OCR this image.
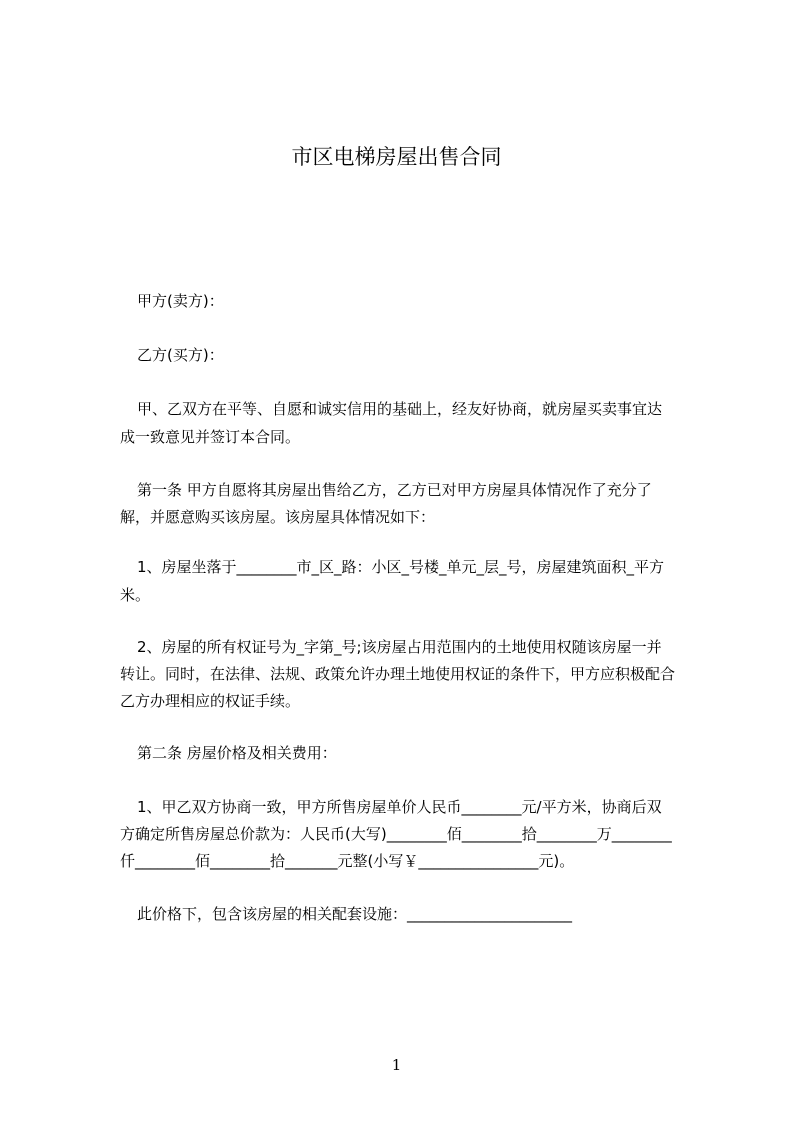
市区电梯房屋出售合同
甲方(卖方)：
乙方(买方)：
甲、乙双方在平等、自愿和诚实信用的基础上，经友好协商，就房屋买卖事宜达
成一致意见并签订本合同。
第一条 甲方自愿将其房屋出售给乙方，乙方已对甲方房屋具体情况作了充分了
解，并愿意购买该房屋。该房屋具体情况如下：
1、房屋坐落于________市_区_路：小区_号楼_单元_层_号，房屋建筑面积_平方
米。
2、房屋的所有权证号为_字第_号;该房屋占用范围内的土地使用权随该房屋一并
转让。同时，在法律、法规、政策允许办理土地使用权证的条件下，甲方应积极配合
乙方办理相应的权证手续。
第二条 房屋价格及相关费用：
1、甲乙双方协商一致，甲方所售房屋单价人民币________元/平方米，协商后双
方确定所售房屋总价款为：人民币(大写)________佰________拾________万________
仟________佰________拾_______元整(小写￥________________元)。
此价格下，包含该房屋的相关配套设施：______________________
1
